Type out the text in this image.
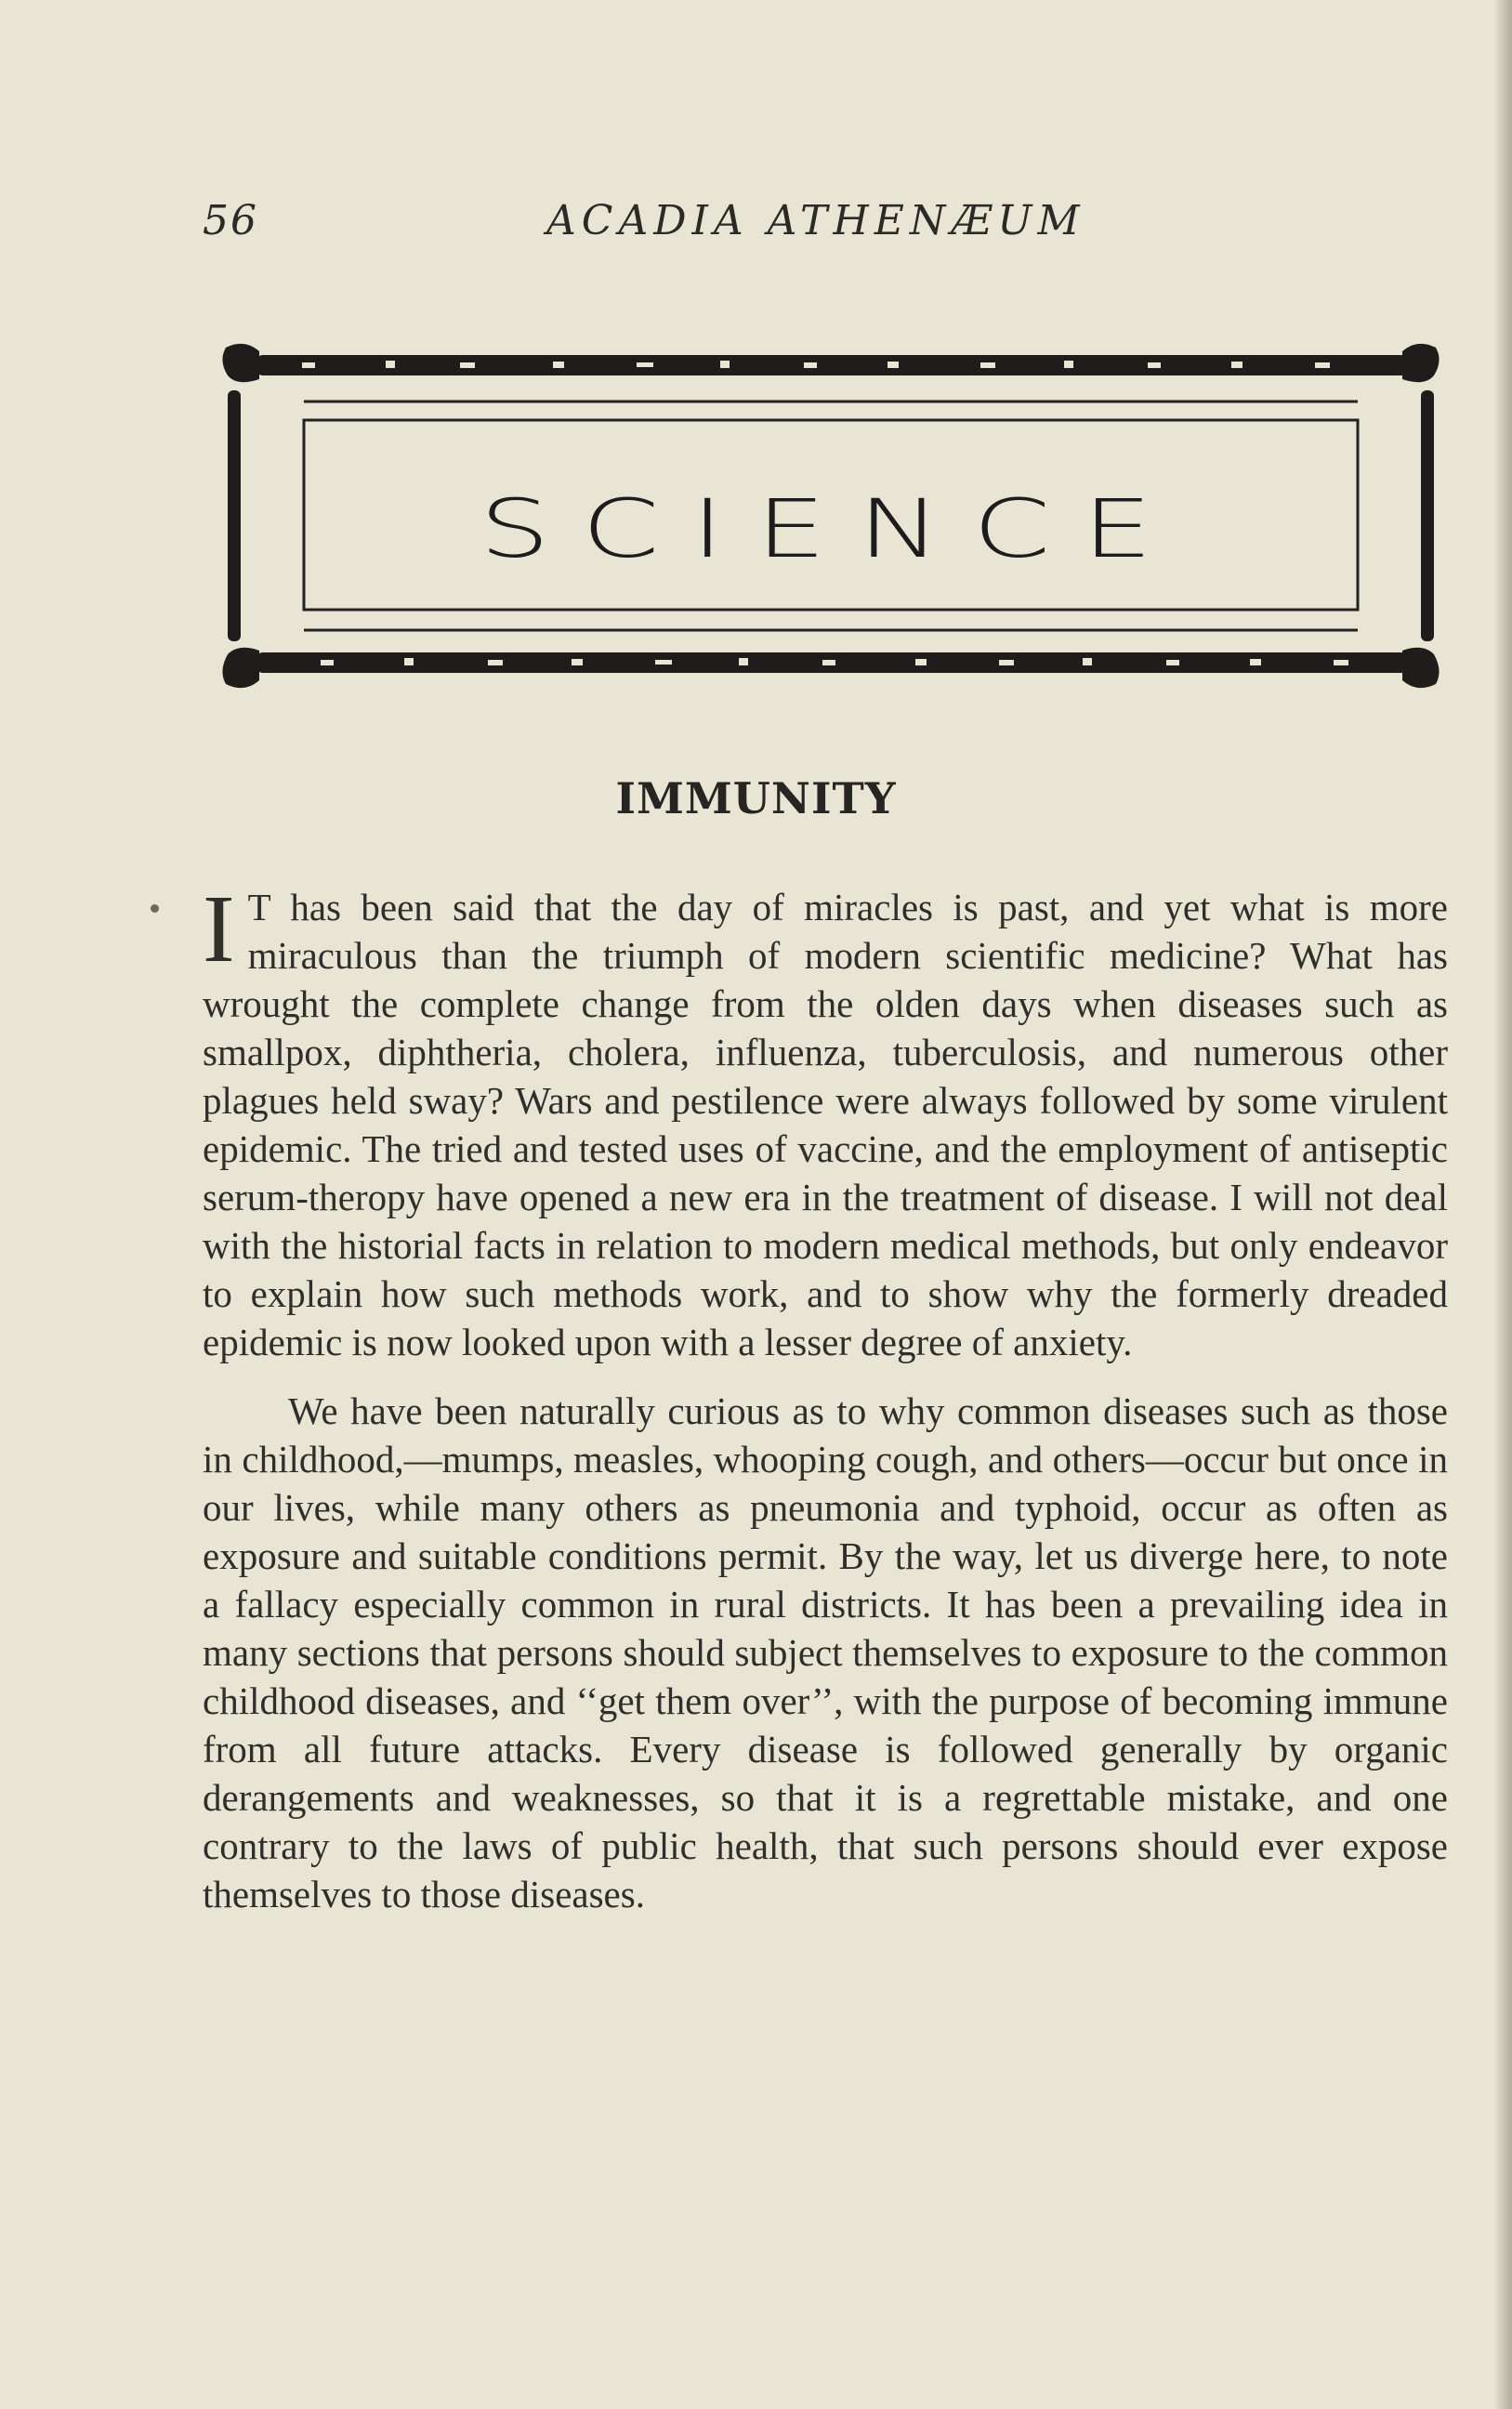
56	ACADIA ATHENÆUM
SCIENCE
IMMUNITY

I T has been said that the day of miracles is past, and yet what is more miraculous than the triumph of modern scientific medicine? What has wrought the complete change from the olden days when diseases such as smallpox, diphtheria, cholera, influenza, tuberculosis, and numerous other plagues held sway? Wars and pestilence were always followed by some virulent epidemic. The tried and tested uses of vaccine, and the employment of antiseptic serum-theropy have opened a new era in the treatment of disease. I will not deal with the historial facts in relation to modern medical methods, but only endeavor to explain how such methods work, and to show why the formerly dreaded epidemic is now looked upon with a lesser degree of anxiety.

We have been naturally curious as to why common diseases such as those in childhood,—mumps, measles, whooping cough, and others—occur but once in our lives, while many others as pneumonia and typhoid, occur as often as exposure and suitable conditions permit. By the way, let us diverge here, to note a fallacy especially common in rural districts. It has been a prevailing idea in many sections that persons should subject themselves to exposure to the common childhood diseases, and ‘‘get them over’’, with the purpose of becoming immune from all future attacks. Every disease is followed generally by organic derangements and weaknesses, so that it is a regrettable mistake, and one contrary to the laws of public health, that such persons should ever expose themselves to those diseases.
